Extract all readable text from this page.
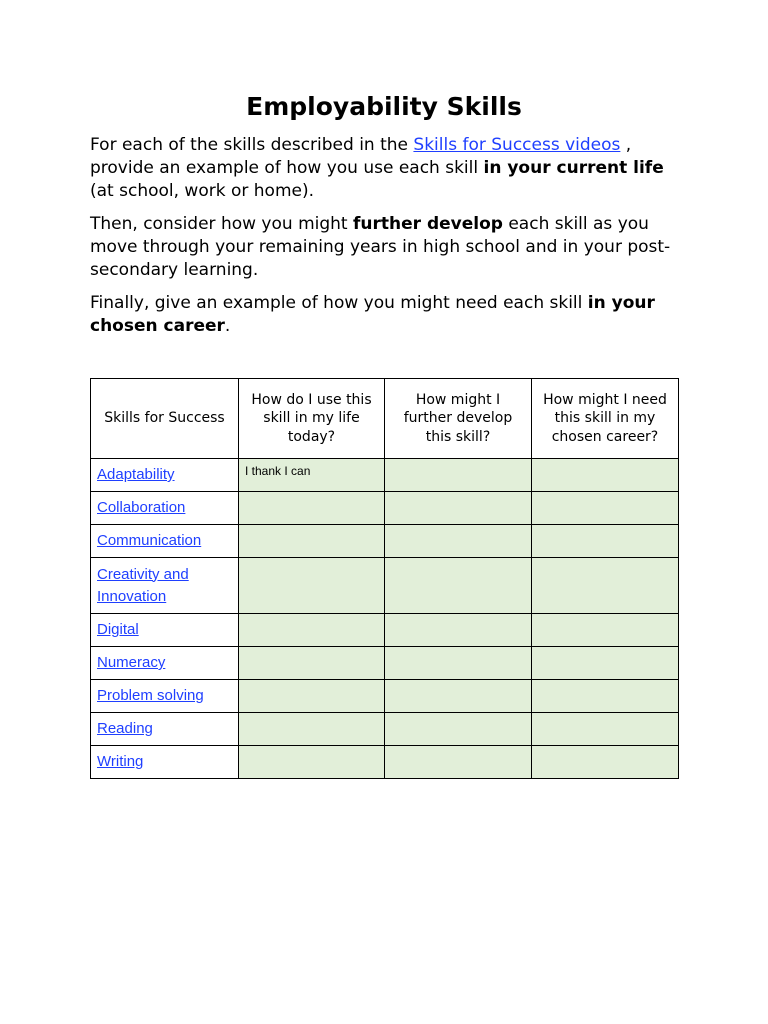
Employability Skills

For each of the skills described in the Skills for Success videos , provide an example of how you use each skill in your current life (at school, work or home).

Then, consider how you might further develop each skill as you move through your remaining years in high school and in your post-secondary learning.

Finally, give an example of how you might need each skill in your chosen career.

Skills for Success	How do I use this skill in my life today?	How might I further develop this skill?	How might I need this skill in my chosen career?
Adaptability	I thank I can		
Collaboration			
Communication			
Creativity and Innovation			
Digital			
Numeracy			
Problem solving			
Reading			
Writing			
